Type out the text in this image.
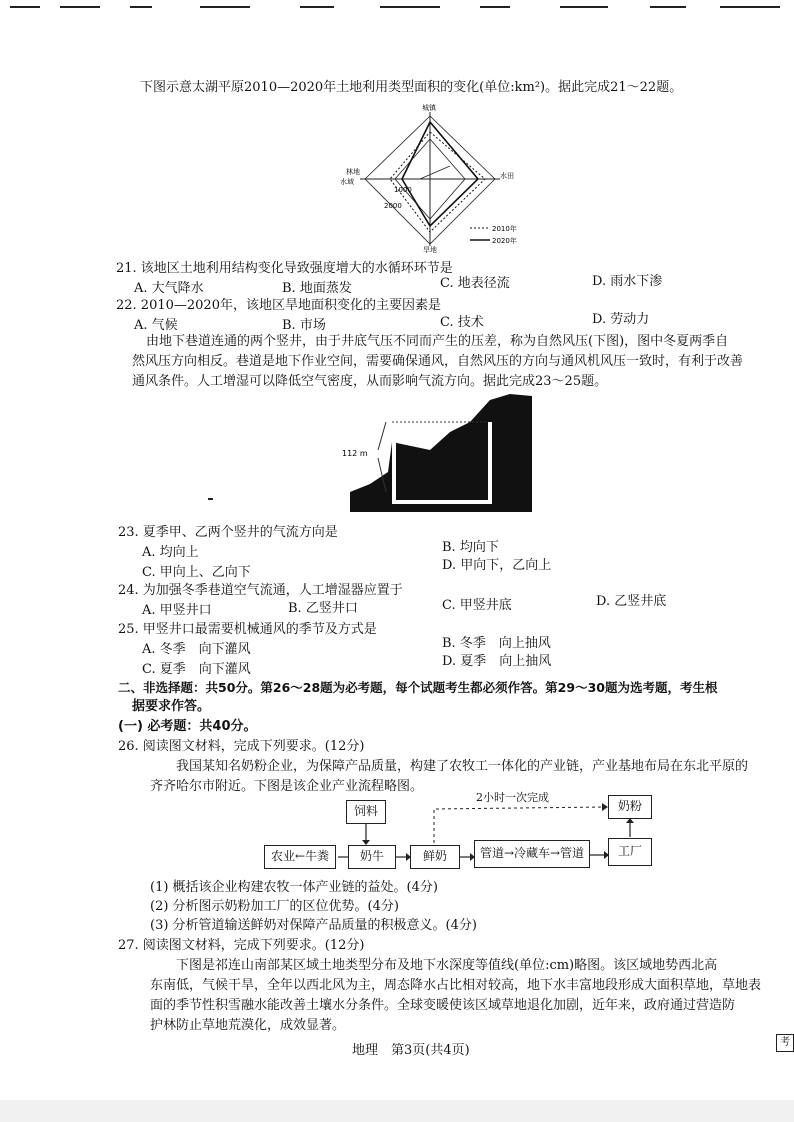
下图示意太湖平原2010—2020年土地利用类型面积的变化(单位:km²)。据此完成21～22题。
城镇
水田
旱地
林地
水域
1000
2000
2010年
2020年
21. 该地区土地利用结构变化导致强度增大的水循环环节是
A. 大气降水	B. 地面蒸发	C. 地表径流	D. 雨水下渗
22. 2010—2020年，该地区旱地面积变化的主要因素是
A. 气候	B. 市场	C. 技术	D. 劳动力
由地下巷道连通的两个竖井，由于井底气压不同而产生的压差，称为自然风压(下图)，图中冬夏两季自
然风压方向相反。巷道是地下作业空间，需要确保通风，自然风压的方向与通风机风压一致时，有利于改善
通风条件。人工增湿可以降低空气密度，从而影响气流方向。据此完成23～25题。
112 m
23. 夏季甲、乙两个竖井的气流方向是
A. 均向上	B. 均向下
C. 甲向上、乙向下	D. 甲向下，乙向上
24. 为加强冬季巷道空气流通，人工增湿器应置于
A. 甲竖井口	B. 乙竖井口	C. 甲竖井底	D. 乙竖井底
25. 甲竖井口最需要机械通风的季节及方式是
A. 冬季　向下灌风	B. 冬季　向上抽风
C. 夏季　向下灌风
D. 夏季　向上抽风
二、非选择题：共50分。第26～28题为必考题，每个试题考生都必须作答。第29～30题为选考题，考生根
据要求作答。
(一) 必考题：共40分。
26. 阅读图文材料，完成下列要求。(12分)
我国某知名奶粉企业，为保障产品质量，构建了农牧工一体化的产业链，产业基地布局在东北平原的
齐齐哈尔市附近。下图是该企业产业流程略图。
饲料
农业←牛粪	奶牛	鲜奶	管道→冷藏车→管道	工厂
奶粉
2小时一次完成
(1) 概括该企业构建农牧一体产业链的益处。(4分)
(2) 分析图示奶粉加工厂的区位优势。(4分)
(3) 分析管道输送鲜奶对保障产品质量的积极意义。(4分)
27. 阅读图文材料，完成下列要求。(12分)
下图是祁连山南部某区域土地类型分布及地下水深度等值线(单位:cm)略图。该区域地势西北高
东南低，气候干旱，全年以西北风为主，周态降水占比相对较高，地下水丰富地段形成大面积草地，草地表
面的季节性积雪融水能改善土壤水分条件。全球变暖使该区域草地退化加剧，近年来，政府通过营造防
护林防止草地荒漠化，成效显著。
地理　第3页(共4页)
考
